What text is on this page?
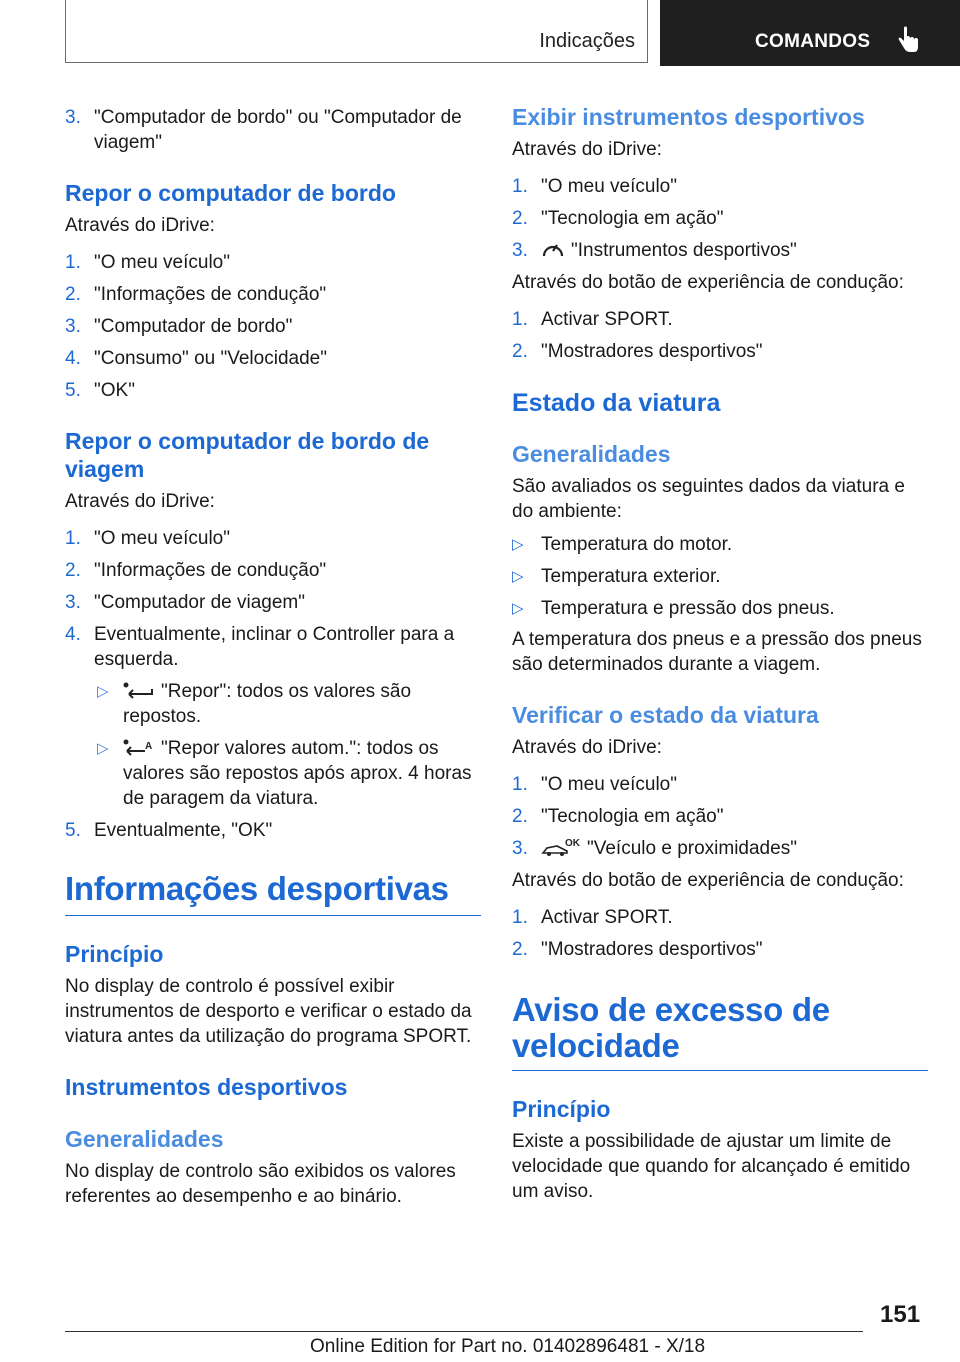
Indicações	COMANDOS
3. "Computador de bordo" ou "Computador de viagem"
Repor o computador de bordo

Através do iDrive:

1. "O meu veículo"
2. "Informações de condução"
3. "Computador de bordo"
4. "Consumo" ou "Velocidade"
5. "OK"
Repor o computador de bordo de viagem

Através do iDrive:

1. "O meu veículo"
2. "Informações de condução"
3. "Computador de viagem"
4. Eventualmente, inclinar o Controller para a esquerda.
▷	"Repor": todos os valores são repostos.
▷	A "Repor valores autom.": todos os valores são repostos após aprox. 4 horas de paragem da viatura.
5. Eventualmente, "OK"
Informações desportivas
Princípio

No display de controlo é possível exibir instrumentos de desporto e verificar o estado da viatura antes da utilização do programa SPORT.

Instrumentos desportivos
Generalidades

No display de controlo são exibidos os valores referentes ao desempenho e ao binário.

Exibir instrumentos desportivos

Através do iDrive:

1. "O meu veículo"
2. "Tecnologia em ação"
3. "Instrumentos desportivos"

Através do botão de experiência de condução:

1. Activar SPORT.
2. "Mostradores desportivos"
Estado da viatura
Generalidades

São avaliados os seguintes dados da viatura e do ambiente:

▷ Temperatura do motor.
▷ Temperatura exterior.
▷ Temperatura e pressão dos pneus.

A temperatura dos pneus e a pressão dos pneus são determinados durante a viagem.

Verificar o estado da viatura

Através do iDrive:

1. "O meu veículo"
2. "Tecnologia em ação"
3.	OK "Veículo e proximidades"

Através do botão de experiência de condução:

1. Activar SPORT.
2. "Mostradores desportivos"
Aviso de excesso de velocidade
Princípio

Existe a possibilidade de ajustar um limite de velocidade que quando for alcançado é emitido um aviso.

151
Online Edition for Part no. 01402896481 - X/18
